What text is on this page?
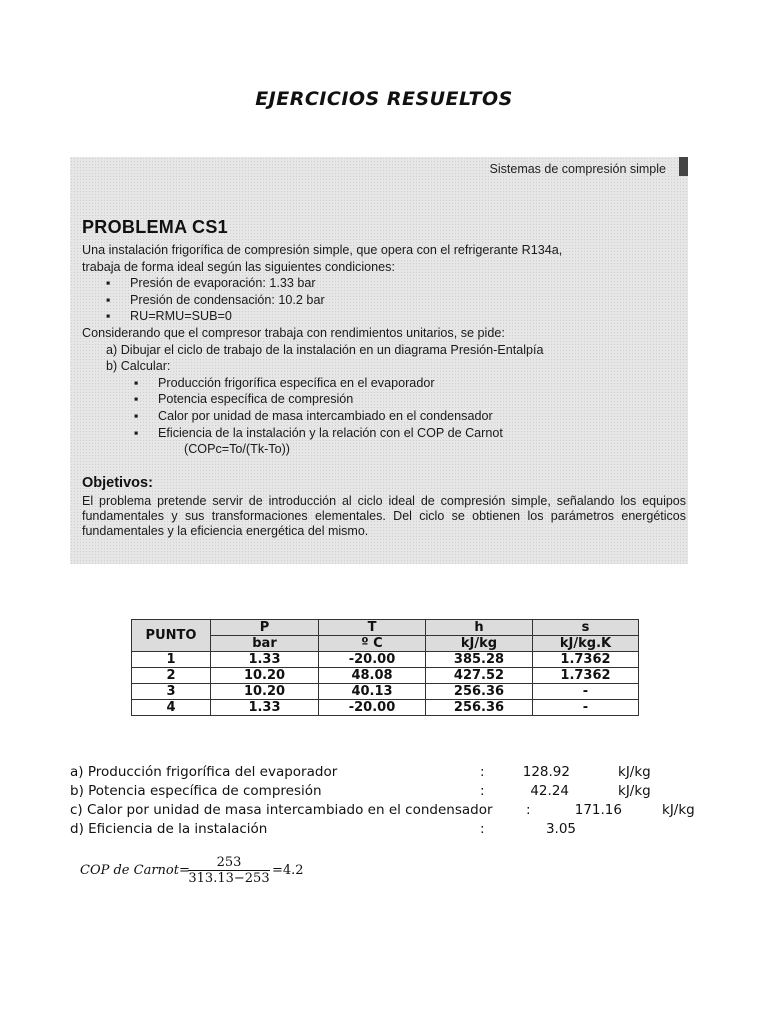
EJERCICIOS RESUELTOS
Sistemas de compresión simple
PROBLEMA CS1
Una instalación frigorífica de compresión simple, que opera con el refrigerante R134a,
trabaja de forma ideal según las siguientes condiciones:
▪ Presión de evaporación: 1.33 bar
▪ Presión de condensación: 10.2 bar
▪ RU=RMU=SUB=0
Considerando que el compresor trabaja con rendimientos unitarios, se pide:
a) Dibujar el ciclo de trabajo de la instalación en un diagrama Presión-Entalpía
b) Calcular:
▪ Producción frigorífica específica en el evaporador
▪ Potencia específica de compresión
▪ Calor por unidad de masa intercambiado en el condensador
▪ Eficiencia de la instalación y la relación con el COP de Carnot
(COPc=To/(Tk-To))
Objetivos:
El problema pretende servir de introducción al ciclo ideal de compresión simple, señalando los equipos fundamentales y sus transformaciones elementales. Del ciclo se obtienen los parámetros energéticos fundamentales y la eficiencia energética del mismo.
PUNTO	P	T	h	s
	bar	º C	kJ/kg	kJ/kg.K
1	1.33	-20.00	385.28	1.7362
2	10.20	48.08	427.52	1.7362
3	10.20	40.13	256.36	-
4	1.33	-20.00	256.36	-
a) Producción frigorífica del evaporador	:	128.92	kJ/kg
b) Potencia específica de compresión	:	42.24	kJ/kg
c) Calor por unidad de masa intercambiado en el condensador :	171.16	kJ/kg
d) Eficiencia de la instalación	:	3.05
COP de Carnot=
253
313.13−253
=4.2
